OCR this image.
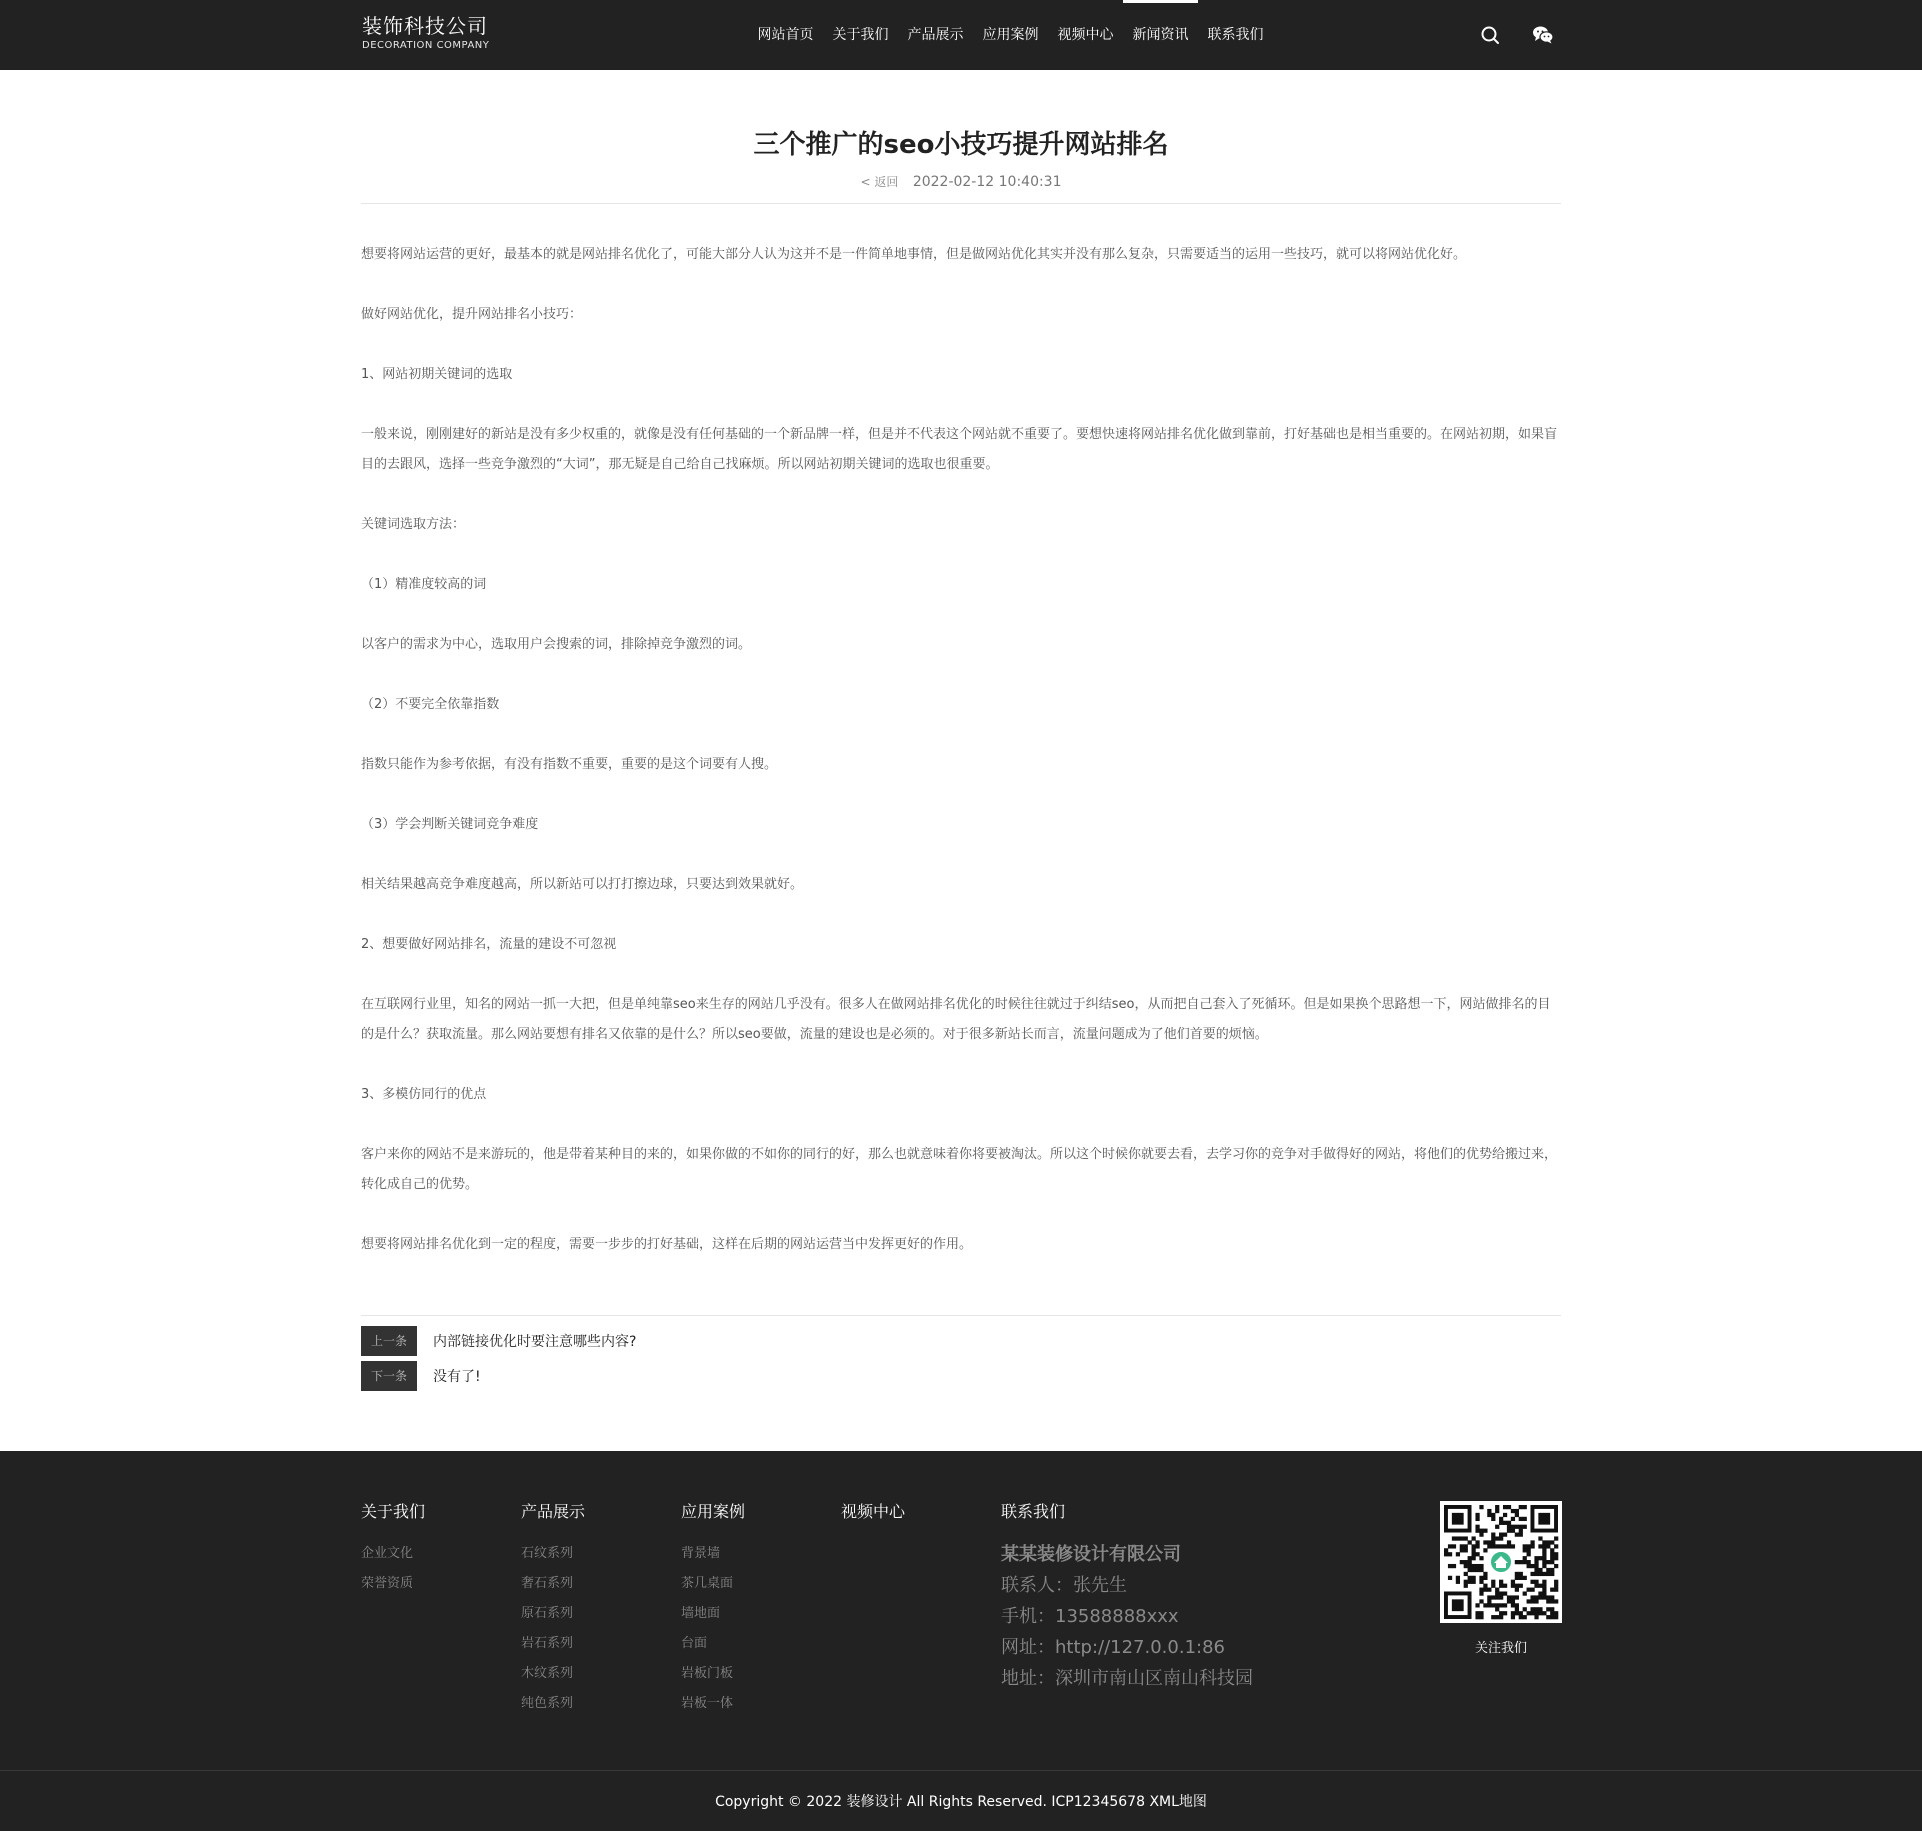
装饰科技公司
DECORATION COMPANY
网站首页	关于我们	产品展示	应用案例	视频中心	新闻资讯	联系我们
三个推广的seo小技巧提升网站排名
< 返回 2022-02-12 10:40:31

想要将网站运营的更好，最基本的就是网站排名优化了，可能大部分人认为这并不是一件简单地事情，但是做网站优化其实并没有那么复杂，只需要适当的运用一些技巧，就可以将网站优化好。

做好网站优化，提升网站排名小技巧：

1、网站初期关键词的选取

一般来说，刚刚建好的新站是没有多少权重的，就像是没有任何基础的一个新品牌一样，但是并不代表这个网站就不重要了。要想快速将网站排名优化做到靠前，打好基础也是相当重要的。在网站初期，如果盲目的去跟风，选择一些竞争激烈的“大词”，那无疑是自己给自己找麻烦。所以网站初期关键词的选取也很重要。

关键词选取方法：

（1）精准度较高的词

以客户的需求为中心，选取用户会搜索的词，排除掉竞争激烈的词。

（2）不要完全依靠指数

指数只能作为参考依据，有没有指数不重要，重要的是这个词要有人搜。

（3）学会判断关键词竞争难度

相关结果越高竞争难度越高，所以新站可以打打擦边球，只要达到效果就好。

2、想要做好网站排名，流量的建设不可忽视

在互联网行业里，知名的网站一抓一大把，但是单纯靠seo来生存的网站几乎没有。很多人在做网站排名优化的时候往往就过于纠结seo，从而把自己套入了死循环。但是如果换个思路想一下，网站做排名的目的是什么？获取流量。那么网站要想有排名又依靠的是什么？所以seo要做，流量的建设也是必须的。对于很多新站长而言，流量问题成为了他们首要的烦恼。

3、多模仿同行的优点

客户来你的网站不是来游玩的，他是带着某种目的来的，如果你做的不如你的同行的好，那么也就意味着你将要被淘汰。所以这个时候你就要去看，去学习你的竞争对手做得好的网站，将他们的优势给搬过来，转化成自己的优势。

想要将网站排名优化到一定的程度，需要一步步的打好基础，这样在后期的网站运营当中发挥更好的作用。

上一条	内部链接优化时要注意哪些内容?
下一条	没有了!
关于我们
企业文化
荣誉资质
产品展示
石纹系列
奢石系列
原石系列
岩石系列
木纹系列
纯色系列
应用案例
背景墙
茶几桌面
墙地面
台面
岩板门板
岩板一体
视频中心	联系我们
某某装修设计有限公司
联系人：张先生
手机：13588888xxx
网址：http://127.0.0.1:86
地址：深圳市南山区南山科技园
关注我们
Copyright © 2022 装修设计 All Rights Reserved. ICP12345678 XML地图
